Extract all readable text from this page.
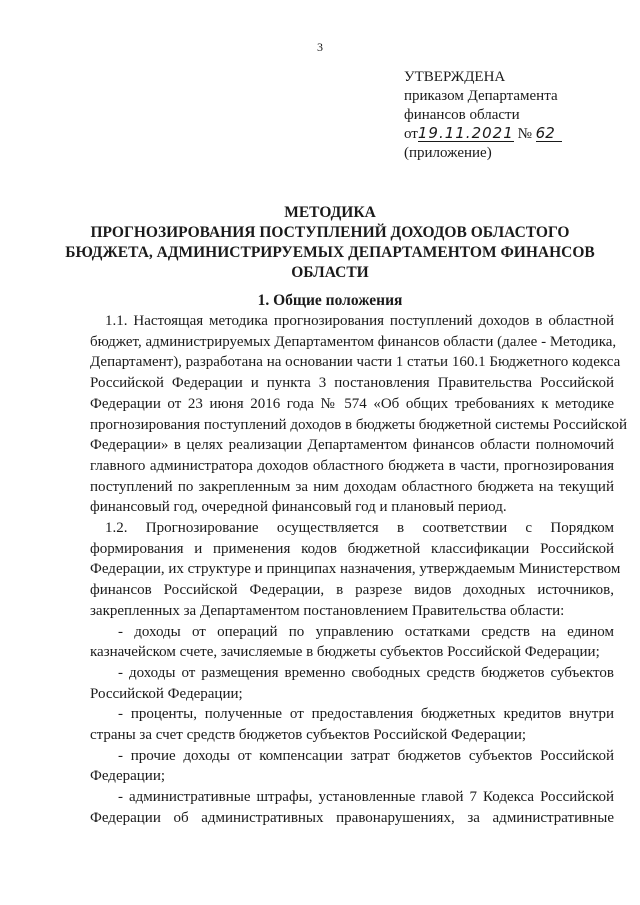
3
УТВЕРЖДЕНА
приказом Департамента
финансов области
от19.11.2021 № 62
(приложение)
МЕТОДИКА
ПРОГНОЗИРОВАНИЯ ПОСТУПЛЕНИЙ ДОХОДОВ ОБЛАСТОГО
БЮДЖЕТА, АДМИНИСТРИРУЕМЫХ ДЕПАРТАМЕНТОМ ФИНАНСОВ
ОБЛАСТИ
1. Общие положения
1.1. Настоящая методика прогнозирования поступлений доходов в областной
бюджет, администрируемых Департаментом финансов области (далее - Методика,
Департамент), разработана на основании части 1 статьи 160.1 Бюджетного кодекса
Российской Федерации и пункта 3 постановления Правительства Российской
Федерации от 23 июня 2016 года № 574 «Об общих требованиях к методике
прогнозирования поступлений доходов в бюджеты бюджетной системы Российской
Федерации» в целях реализации Департаментом финансов области полномочий
главного администратора доходов областного бюджета в части, прогнозирования
поступлений по закрепленным за ним доходам областного бюджета на текущий
финансовый год, очередной финансовый год и плановый период.
1.2. Прогнозирование осуществляется в соответствии с Порядком
формирования и применения кодов бюджетной классификации Российской
Федерации, их структуре и принципах назначения, утверждаемым Министерством
финансов Российской Федерации, в разрезе видов доходных источников,
закрепленных за Департаментом постановлением Правительства области:
- доходы от операций по управлению остатками средств на едином
казначейском счете, зачисляемые в бюджеты субъектов Российской Федерации;
- доходы от размещения временно свободных средств бюджетов субъектов
Российской Федерации;
- проценты, полученные от предоставления бюджетных кредитов внутри
страны за счет средств бюджетов субъектов Российской Федерации;
- прочие доходы от компенсации затрат бюджетов субъектов Российской
Федерации;
- административные штрафы, установленные главой 7 Кодекса Российской
Федерации об административных правонарушениях, за административные
